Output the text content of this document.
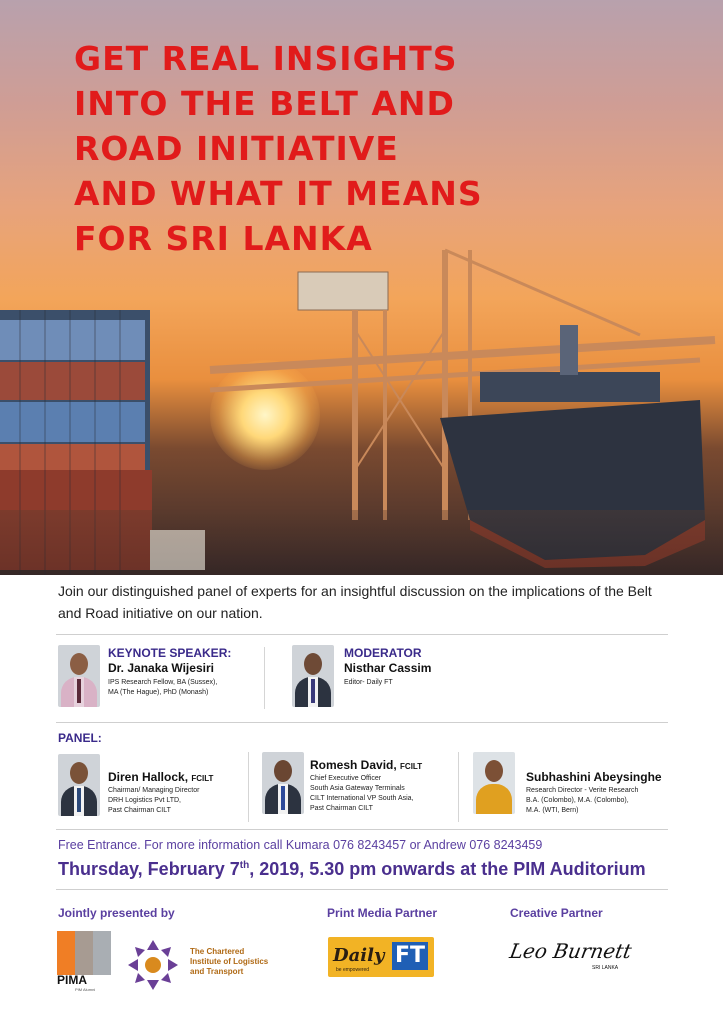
GET REAL INSIGHTS
INTO THE BELT AND
ROAD INITIATIVE
AND WHAT IT MEANS
FOR SRI LANKA

Join our distinguished panel of experts for an insightful discussion on the implications of the Belt and Road initiative on our nation.

KEYNOTE SPEAKER:
Dr. Janaka Wijesiri
IPS Research Fellow, BA (Sussex),
MA (The Hague), PhD (Monash)
MODERATOR
Nisthar Cassim
Editor- Daily FT
PANEL:
Diren Hallock, FCILT
Chairman/ Managing Director
DRH Logistics Pvt LTD,
Past Chairman CILT
Romesh David, FCILT
Chief Executive Officer
South Asia Gateway Terminals
CILT International VP South Asia,
Past Chairman CILT
Subhashini Abeysinghe
Research Director - Verite Research
B.A. (Colombo), M.A. (Colombo),
M.A. (WTI, Bern)

Free Entrance. For more information call Kumara 076 8243457 or Andrew 076 8243459

Thursday, February 7th, 2019, 5.30 pm onwards at the PIM Auditorium

Jointly presented by	Print Media Partner	Creative Partner
PIMA
PIM Alumni
The Chartered
Institute of Logistics
and Transport
Daily FT
be empowered
Leo Burnett
SRI LANKA
